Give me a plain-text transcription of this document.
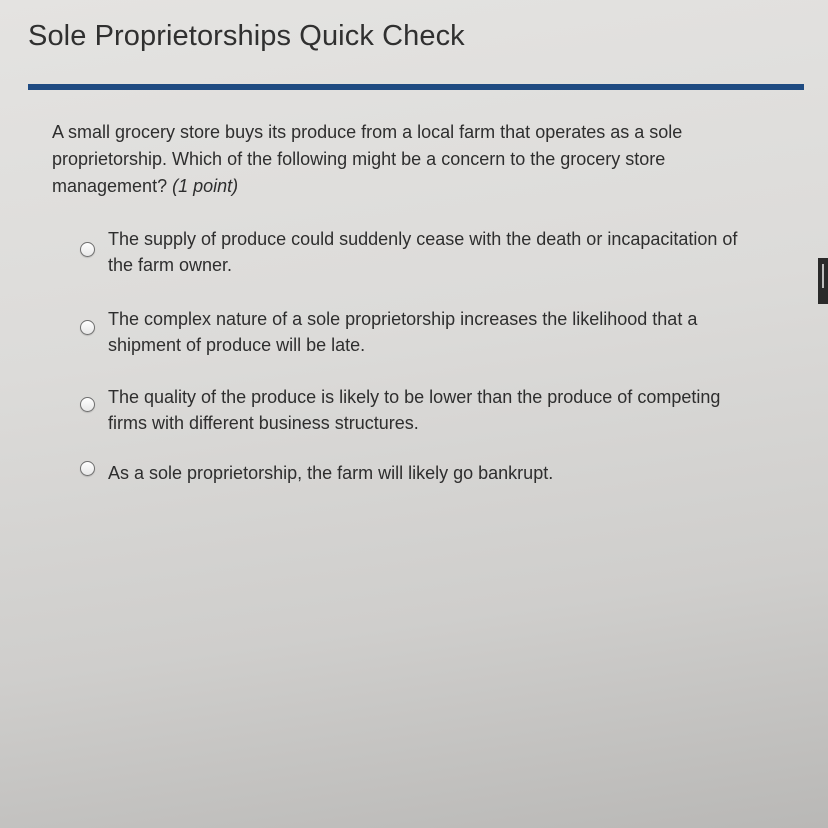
Sole Proprietorships Quick Check

A small grocery store buys its produce from a local farm that operates as a sole proprietorship. Which of the following might be a concern to the grocery store management? (1 point)

The supply of produce could suddenly cease with the death or incapacitation of the farm owner.
The complex nature of a sole proprietorship increases the likelihood that a shipment of produce will be late.
The quality of the produce is likely to be lower than the produce of competing firms with different business structures.
As a sole proprietorship, the farm will likely go bankrupt.
